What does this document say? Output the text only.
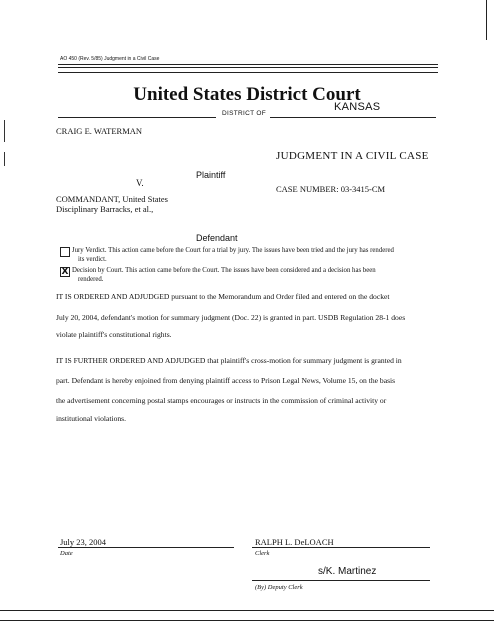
AO 450 (Rev. 5/85) Judgment in a Civil Case
United States District Court
DISTRICT OF
KANSAS
CRAIG E. WATERMAN
Plaintiff
V.
COMMANDANT, United States
Disciplinary Barracks, et al.,
Defendant
JUDGMENT IN A CIVIL CASE
CASE NUMBER: 03-3415-CM
Jury Verdict. This action came before the Court for a trial by jury. The issues have been tried and the jury has rendered
its verdict.
X Decision by Court. This action came before the Court. The issues have been considered and a decision has been
rendered.
IT IS ORDERED AND ADJUDGED pursuant to the Memorandum and Order filed and entered on the docket
July 20, 2004, defendant's motion for summary judgment (Doc. 22) is granted in part. USDB Regulation 28-1 does
violate plaintiff's constitutional rights.
IT IS FURTHER ORDERED AND ADJUDGED that plaintiff's cross-motion for summary judgment is granted in
part. Defendant is hereby enjoined from denying plaintiff access to Prison Legal News, Volume 15, on the basis
the advertisement concerning postal stamps encourages or instructs in the commission of criminal activity or
institutional violations.
July 23, 2004
Date
RALPH L. DeLOACH
Clerk
s/K. Martinez
(By) Deputy Clerk
